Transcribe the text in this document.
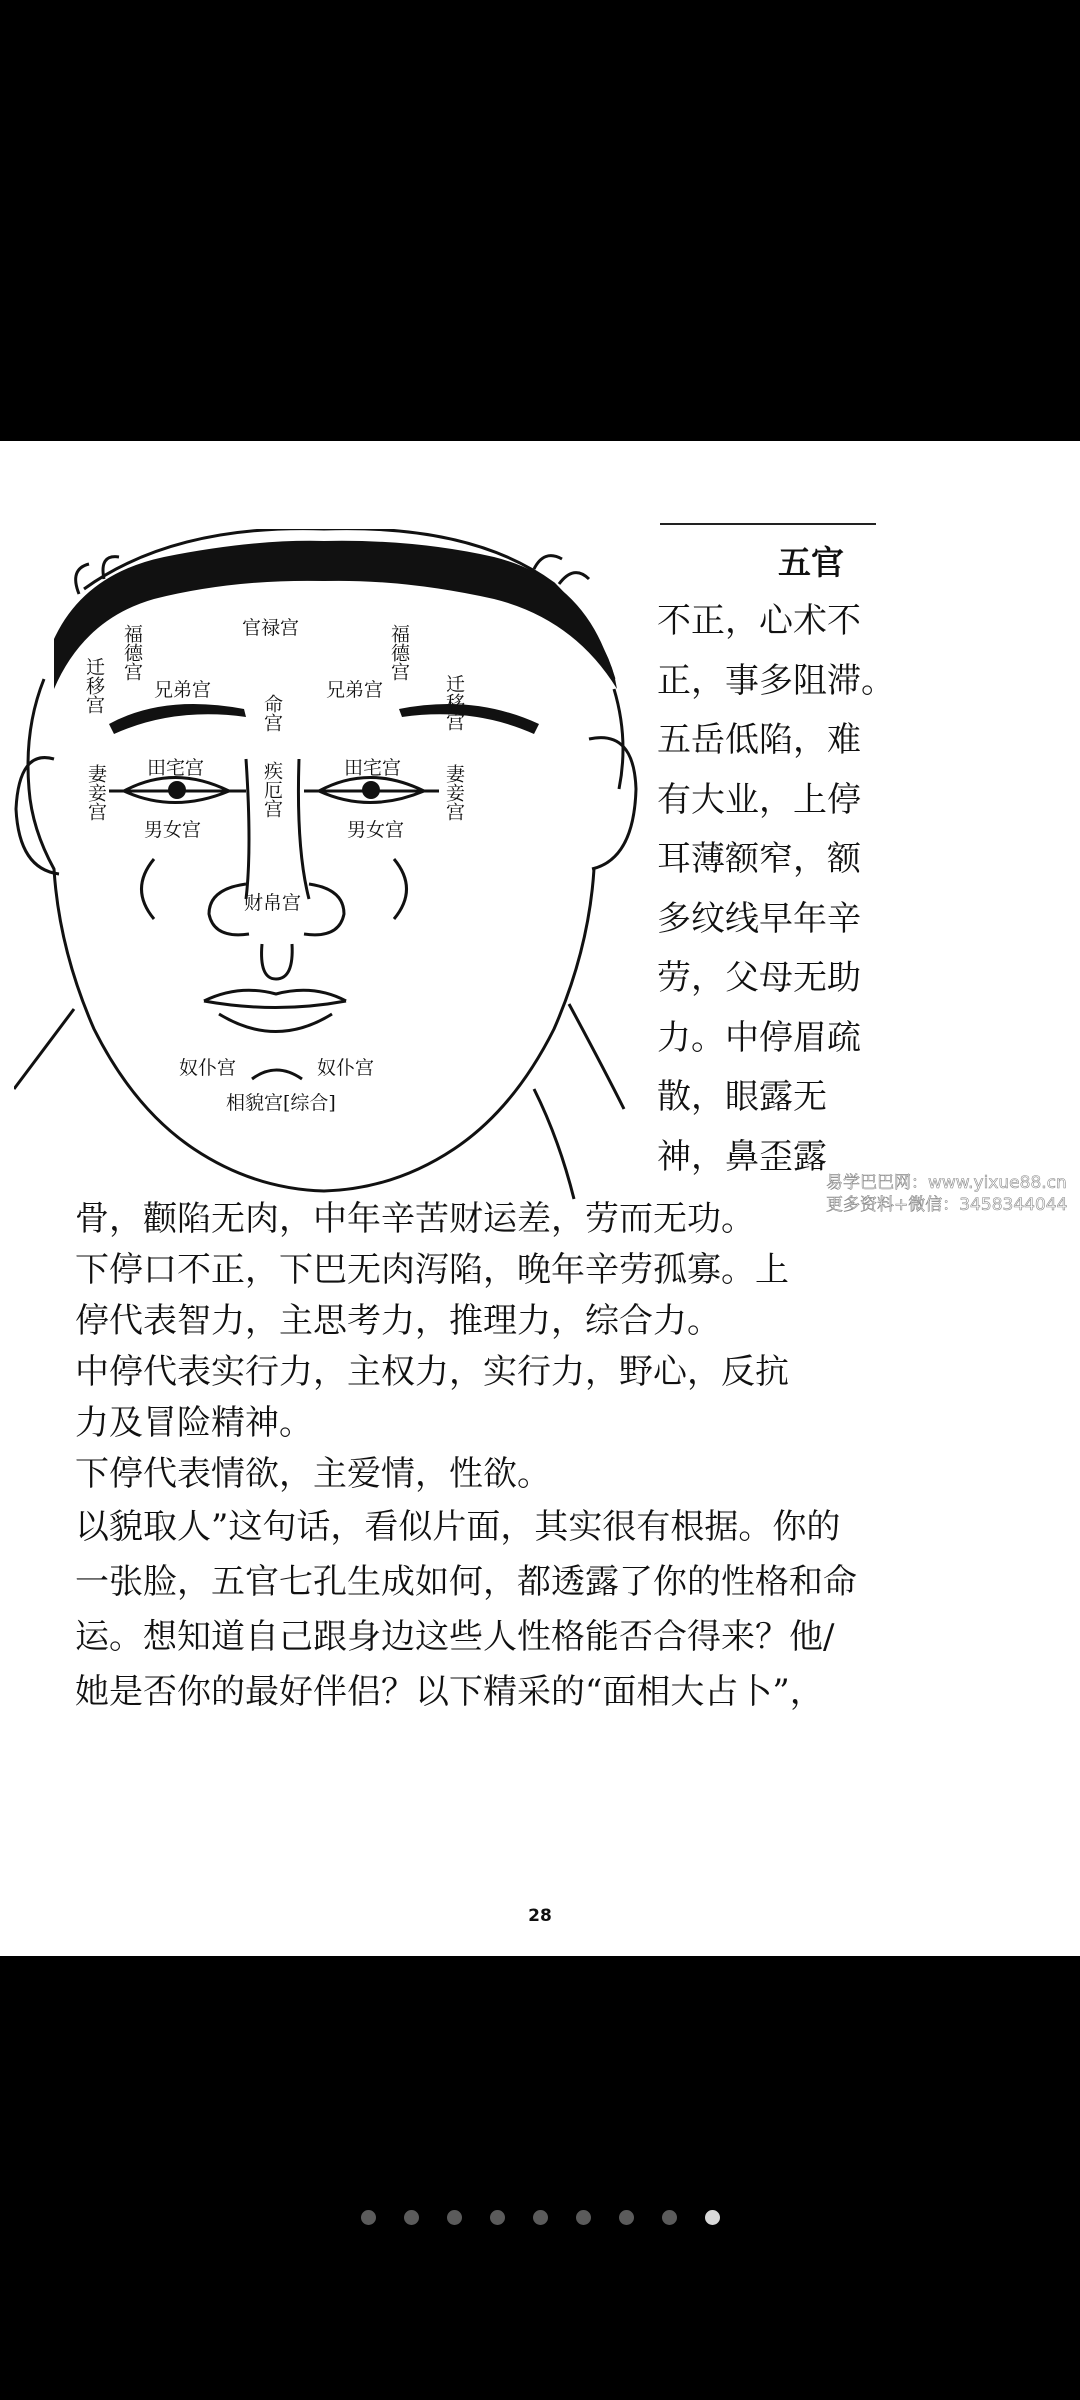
官禄宫
福德宫	福德宫
迁移宫	迁移宫
兄弟宫	兄弟宫
命宫
田宅宫	田宅宫
妻妾宫	妻妾宫
疾厄宫
男女宫	男女宫
财帛宫
奴仆宫	奴仆宫
相貌宫[综合]
五官

不正，心术不

正，事多阻滞。

五岳低陷，难

有大业，上停

耳薄额窄，额

多纹线早年辛

劳，父母无助

力。中停眉疏

散，眼露无

神，鼻歪露

骨，颧陷无肉，中年辛苦财运差，劳而无功。

下停口不正，下巴无肉泻陷，晚年辛劳孤寡。上

停代表智力，主思考力，推理力，综合力。

中停代表实行力，主权力，实行力，野心，反抗

力及冒险精神。

下停代表情欲，主爱情，性欲。

以貌取人”这句话，看似片面，其实很有根据。你的

一张脸，五官七孔生成如何，都透露了你的性格和命

运。想知道自己跟身边这些人性格能否合得来？他/

她是否你的最好伴侣？以下精采的“面相大占卜”，

易学巴巴网：www.yixue88.cn
更多资料+微信：3458344044
28
